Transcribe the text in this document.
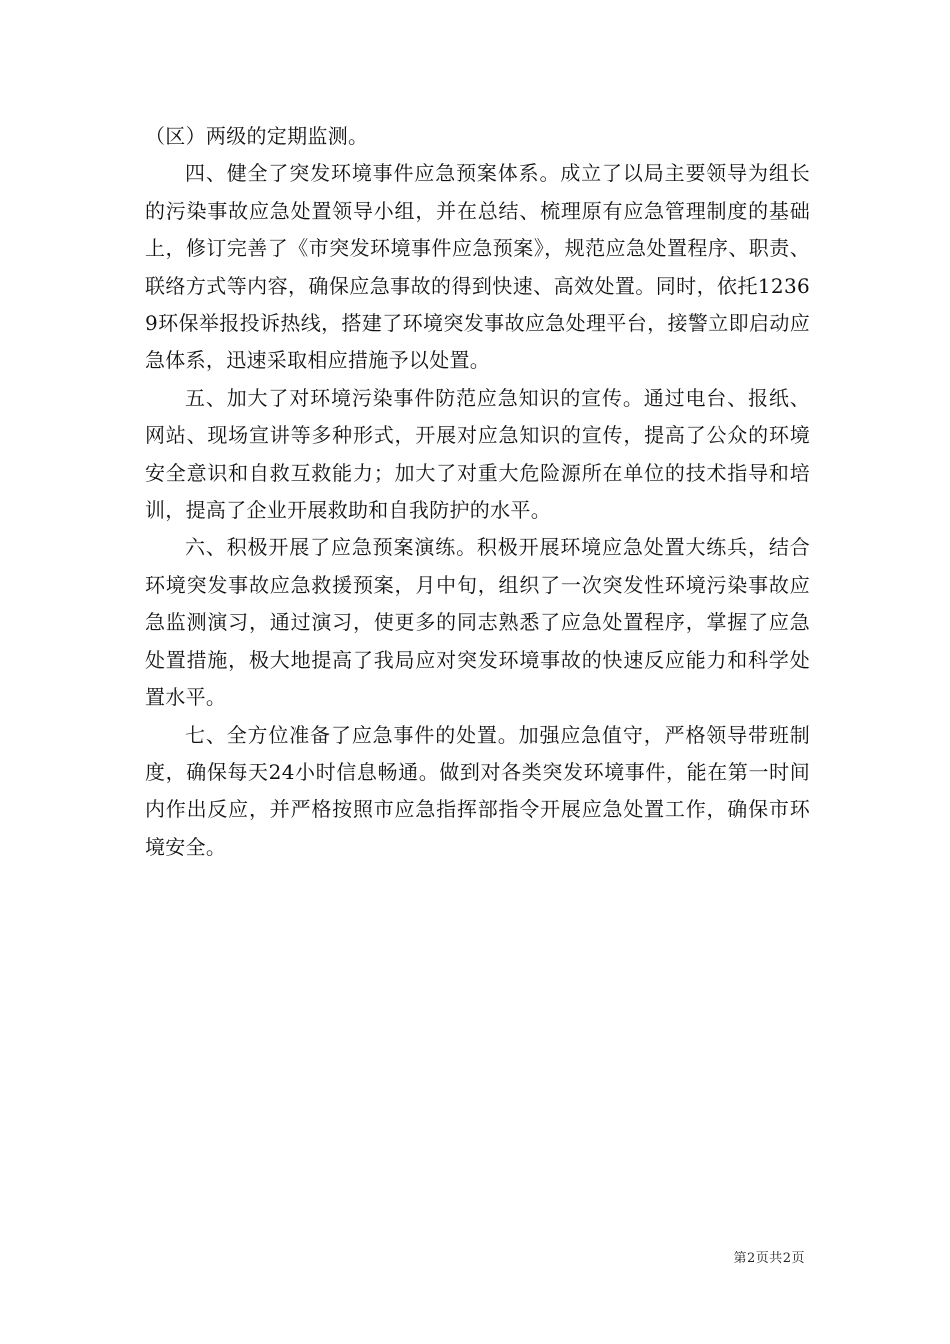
（区）两级的定期监测。

四、健全了突发环境事件应急预案体系。成立了以局主要领导为组长的污染事故应急处置领导小组，并在总结、梳理原有应急管理制度的基础上，修订完善了《市突发环境事件应急预案》，规范应急处置程序、职责、联络方式等内容，确保应急事故的得到快速、高效处置。同时，依托12369环保举报投诉热线，搭建了环境突发事故应急处理平台，接警立即启动应急体系，迅速采取相应措施予以处置。

五、加大了对环境污染事件防范应急知识的宣传。通过电台、报纸、网站、现场宣讲等多种形式，开展对应急知识的宣传，提高了公众的环境安全意识和自救互救能力；加大了对重大危险源所在单位的技术指导和培训，提高了企业开展救助和自我防护的水平。

六、积极开展了应急预案演练。积极开展环境应急处置大练兵，结合环境突发事故应急救援预案，月中旬，组织了一次突发性环境污染事故应急监测演习，通过演习，使更多的同志熟悉了应急处置程序，掌握了应急处置措施，极大地提高了我局应对突发环境事故的快速反应能力和科学处置水平。

七、全方位准备了应急事件的处置。加强应急值守，严格领导带班制度，确保每天24小时信息畅通。做到对各类突发环境事件，能在第一时间内作出反应，并严格按照市应急指挥部指令开展应急处置工作，确保市环境安全。

第2页共2页
